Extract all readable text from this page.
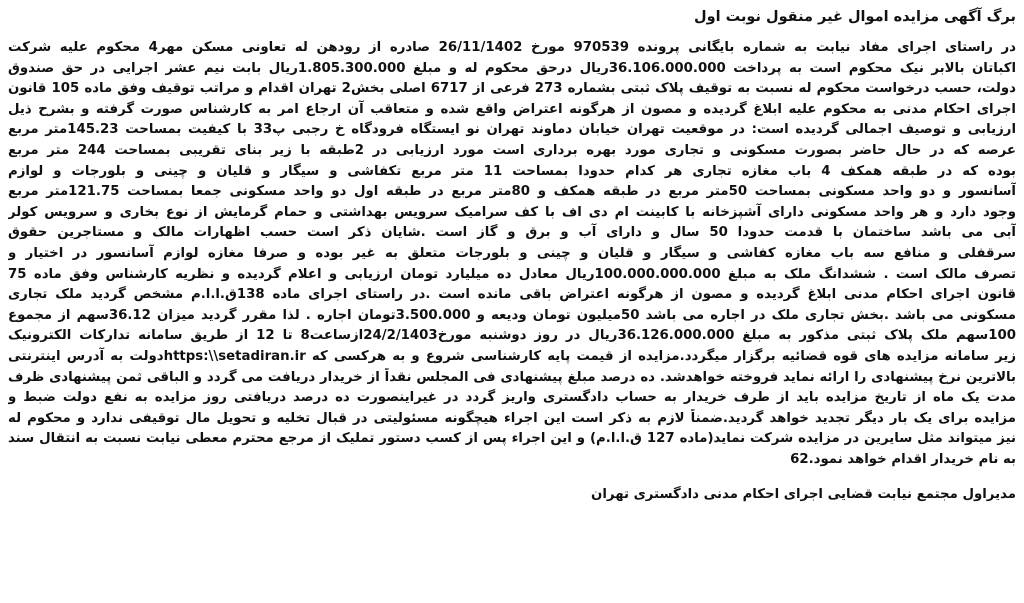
برگ آگهی مزایده اموال غیر منقول نوبت اول
در راستای اجرای مفاد نیابت به شماره بایگانی پرونده 970539 مورخ 26/11/1402 صادره از رودهن له تعاونی مسکن مهر4 محکوم علیه شرکت
اکباتان بالابر نیک محکوم است به پرداخت 36.106.000.000ریال درحق محکوم له و مبلغ 1.805.300.000ریال بابت نیم عشر اجرایی در حق صندوق
دولت، حسب درخواست محکوم له نسبت به توقیف پلاک ثبتی بشماره 273 فرعی از 6717 اصلی بخش2 تهران اقدام و مراتب توقیف وفق ماده 105 قانون
اجرای احکام مدنی به محکوم علیه ابلاغ گردیده و مصون از هرگونه اعتراض واقع شده و متعاقب آن ارجاع امر به کارشناس صورت گرفته و بشرح ذیل
ارزیابی و توصیف اجمالی گردیده است: در موقعیت تهران خیابان دماوند تهران نو ایستگاه فرودگاه خ رجبی پ33 با کیفیت بمساحت 145.23متر مربع
عرصه که در حال حاضر بصورت مسکونی و تجاری مورد بهره برداری است مورد ارزیابی در 2طبقه با زیر بنای تقریبی بمساحت 244 متر مربع
بوده که در طبقه همکف 4 باب مغازه تجاری هر کدام حدودا بمساحت 11 متر مربع تکفاشی و سیگار و قلیان و چینی و بلورجات و لوازم
آسانسور و دو واحد مسکونی بمساحت 50متر مربع در طبقه همکف و 80متر مربع در طبقه اول دو واحد مسکونی جمعا بمساحت 121.75متر مربع
وجود دارد و هر واحد مسکونی دارای آشپزخانه با کابینت ام دی اف با کف سرامیک سرویس بهداشتی و حمام گرمایش از نوع بخاری و سرویس کولر
آبی می باشد ساختمان با قدمت حدودا 50 سال و دارای آب و برق و گاز است .شایان ذکر است حسب اظهارات مالک و مستاجرین حقوق
سرقفلی و منافع سه باب مغازه کفاشی و سیگار و قلیان و چینی و بلورجات متعلق به غیر بوده و صرفا مغازه لوازم آسانسور در اختیار و
تصرف مالک است . ششدانگ ملک به مبلغ 100.000.000.000ریال معادل ده میلیارد تومان ارزیابی و اعلام گردیده و نظریه کارشناس وفق ماده 75
قانون اجرای احکام مدنی ابلاغ گردیده و مصون از هرگونه اعتراض باقی مانده است .در راستای اجرای ماده 138ق.ا.ا.م مشخص گردید ملک تجاری
مسکونی می باشد .بخش تجاری ملک در اجاره می باشد 50میلیون تومان ودیعه و 3.500.000تومان اجاره . لذا مقرر گردید میزان 36.12سهم از مجموع
100سهم ملک پلاک ثبتی مذکور به مبلغ 36.126.000.000ریال در روز دوشنبه مورخ24/2/1403ازساعت8 تا 12 از طریق سامانه تدارکات الکترونیک
زیر سامانه مزایده های قوه قضائیه برگزار میگردد.مزایده از قیمت پایه کارشناسی شروع و به هرکسی که https:\\setadiran.irدولت به آدرس اینترنتی
بالاترین نرخ پیشنهادی را ارائه نماید فروخته خواهدشد. ده درصد مبلغ پیشنهادی فی المجلس نقداً از خریدار دریافت می گردد و الباقی ثمن پیشنهادی ظرف
مدت یک ماه از تاریخ مزایده باید از طرف خریدار به حساب دادگستری واریز گردد در غیراینصورت ده درصد دریافتی روز مزایده به نفع دولت ضبط و
مزایده برای یک بار دیگر تجدید خواهد گردید.ضمناً لازم به ذکر است این اجراء هیچگونه مسئولیتی در قبال تخلیه و تحویل مال توقیفی ندارد و محکوم له
نیز میتواند مثل سایرین در مزایده شرکت نماید(ماده 127 ق.ا.ا.م) و این اجراء پس از کسب دستور تملیک از مرجع محترم معطی نیابت نسبت به انتقال سند
به نام خریدار اقدام خواهد نمود.62
مدیراول مجتمع نیابت قضایی اجرای احکام مدنی دادگستری تهران
